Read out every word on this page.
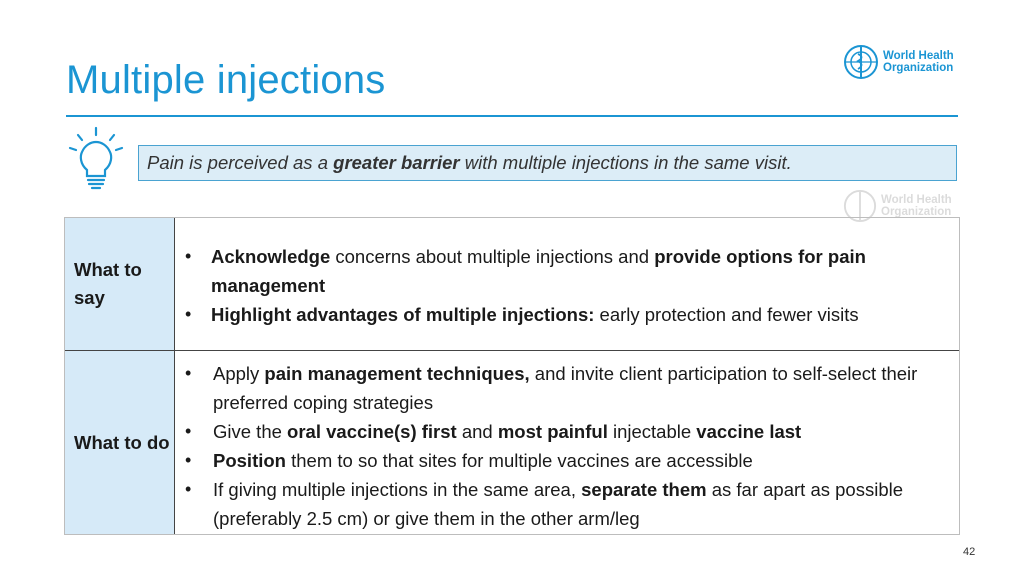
Multiple injections
World Health
Organization
Pain is perceived as a greater barrier with multiple injections in the same visit.
World Health
Organization
What to say
• Acknowledge concerns about multiple injections and provide options for pain management
• Highlight advantages of multiple injections: early protection and fewer visits
What to do
• Apply pain management techniques, and invite client participation to self-select their preferred coping strategies
• Give the oral vaccine(s) first and most painful injectable vaccine last
• Position them to so that sites for multiple vaccines are accessible
• If giving multiple injections in the same area, separate them as far apart as possible (preferably 2.5 cm) or give them in the other arm/leg
42
